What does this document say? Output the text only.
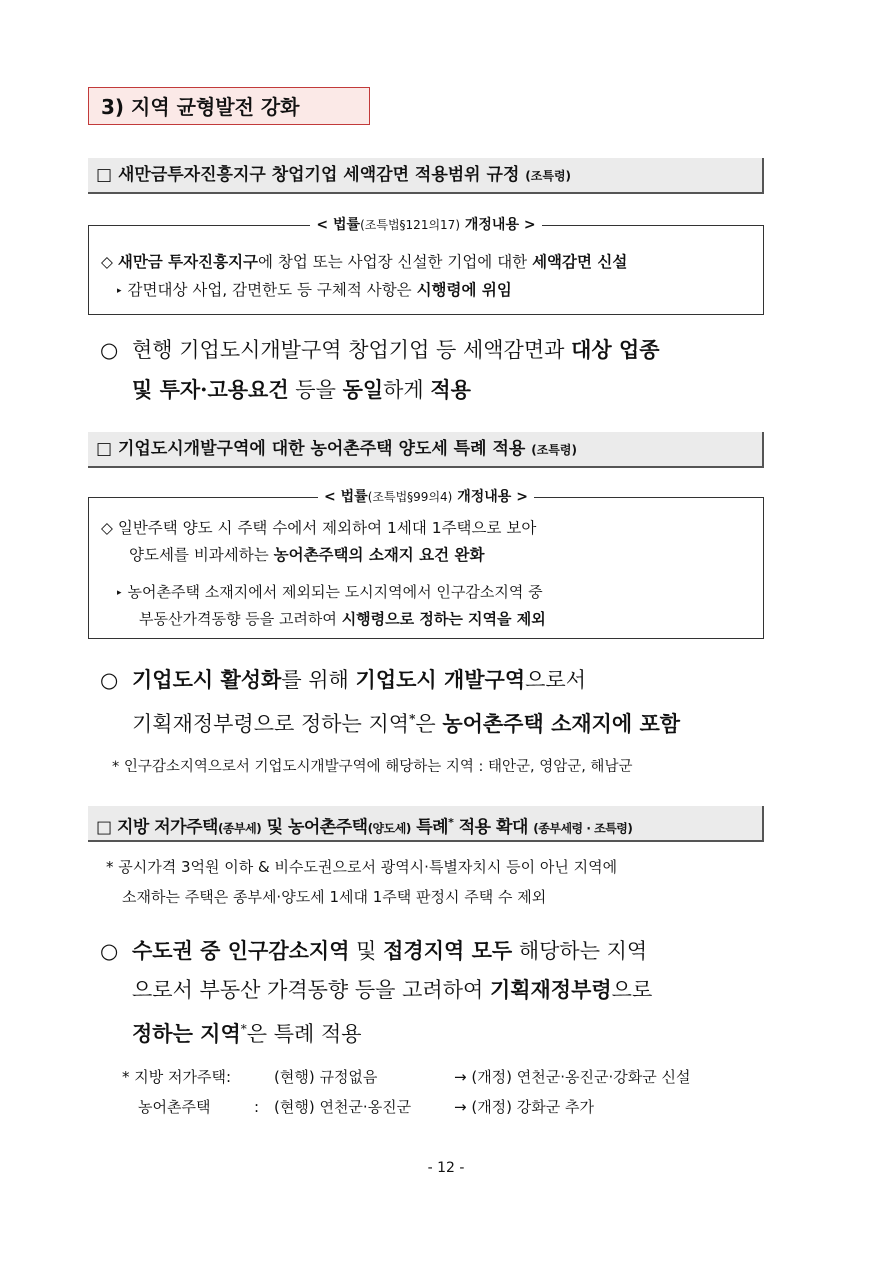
3) 지역 균형발전 강화
□ 새만금투자진흥지구 창업기업 세액감면 적용범위 규정 (조특령)
< 법률(조특법§121의17) 개정내용 >
◇ 새만금 투자진흥지구에 창업 또는 사업장 신설한 기업에 대한 세액감면 신설
▸ 감면대상 사업, 감면한도 등 구체적 사항은 시행령에 위임
○ 현행 기업도시개발구역 창업기업 등 세액감면과 대상 업종
및 투자·고용요건 등을 동일하게 적용
□ 기업도시개발구역에 대한 농어촌주택 양도세 특례 적용 (조특령)
< 법률(조특법§99의4) 개정내용 >
◇ 일반주택 양도 시 주택 수에서 제외하여 1세대 1주택으로 보아
양도세를 비과세하는 농어촌주택의 소재지 요건 완화
▸ 농어촌주택 소재지에서 제외되는 도시지역에서 인구감소지역 중
부동산가격동향 등을 고려하여 시행령으로 정하는 지역을 제외
○ 기업도시 활성화를 위해 기업도시 개발구역으로서
기획재정부령으로 정하는 지역*은 농어촌주택 소재지에 포함
* 인구감소지역으로서 기업도시개발구역에 해당하는 지역 : 태안군, 영암군, 해남군
□ 지방 저가주택(종부세) 및 농어촌주택(양도세) 특례* 적용 확대 (종부세령 · 조특령)
* 공시가격 3억원 이하 & 비수도권으로서 광역시·특별자치시 등이 아닌 지역에
소재하는 주택은 종부세·양도세 1세대 1주택 판정시 주택 수 제외
○ 수도권 중 인구감소지역 및 접경지역 모두 해당하는 지역
으로서 부동산 가격동향 등을 고려하여 기획재정부령으로
정하는 지역*은 특례 적용
* 지방 저가주택:	(현행) 규정없음	→ (개정) 연천군·옹진군·강화군 신설
농어촌주택	: (현행) 연천군·옹진군	→ (개정) 강화군 추가
- 12 -
